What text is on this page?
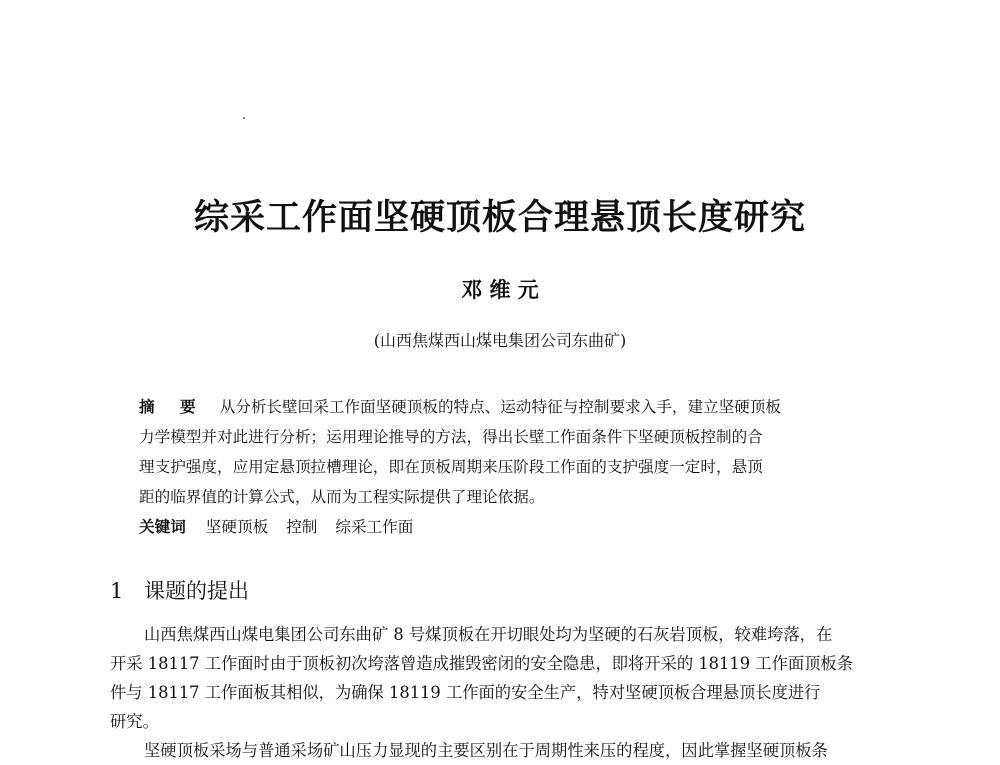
综采工作面坚硬顶板合理悬顶长度研究
邓 维 元
(山西焦煤西山煤电集团公司东曲矿)
摘 要 从分析长壁回采工作面坚硬顶板的特点、运动特征与控制要求入手，建立坚硬顶板
力学模型并对此进行分析；运用理论推导的方法，得出长壁工作面条件下坚硬顶板控制的合
理支护强度，应用定悬顶拉槽理论，即在顶板周期来压阶段工作面的支护强度一定时，悬顶
距的临界值的计算公式，从而为工程实际提供了理论依据。
关键词 坚硬顶板 控制 综采工作面
1 课题的提出
山西焦煤西山煤电集团公司东曲矿 8 号煤顶板在开切眼处均为坚硬的石灰岩顶板，较难垮落，在
开采 18117 工作面时由于顶板初次垮落曾造成摧毁密闭的安全隐患，即将开采的 18119 工作面顶板条
件与 18117 工作面板其相似，为确保 18119 工作面的安全生产，特对坚硬顶板合理悬顶长度进行
研究。
坚硬顶板采场与普通采场矿山压力显现的主要区别在于周期性来压的程度，因此掌握坚硬顶板条
